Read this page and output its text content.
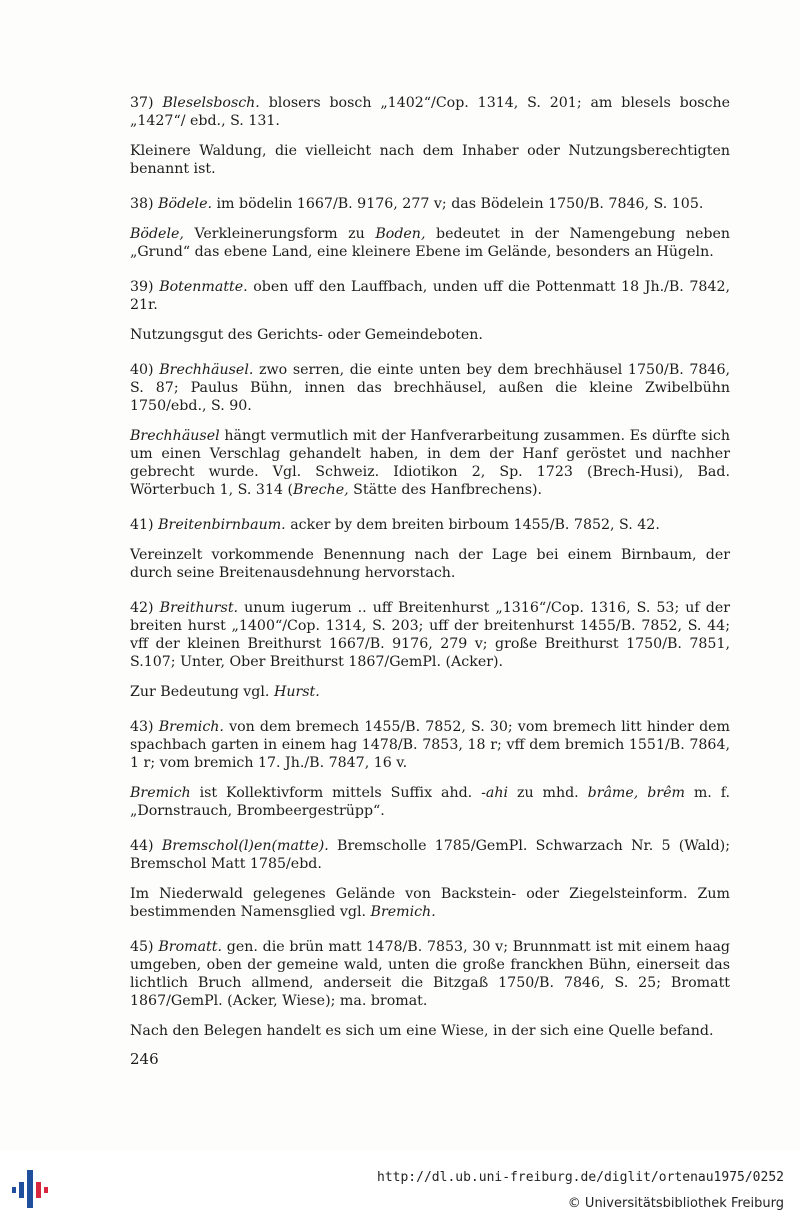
37) Bleselsbosch. blosers bosch „1402“/Cop. 1314, S. 201; am blesels bosche „1427“/ ebd., S. 131.

Kleinere Waldung, die vielleicht nach dem Inhaber oder Nutzungsberechtigten benannt ist.

38) Bödele. im bödelin 1667/B. 9176, 277 v; das Bödelein 1750/B. 7846, S. 105.

Bödele, Verkleinerungsform zu Boden, bedeutet in der Namengebung neben „Grund“ das ebene Land, eine kleinere Ebene im Gelände, besonders an Hügeln.

39) Botenmatte. oben uff den Lauffbach, unden uff die Pottenmatt 18 Jh./B. 7842, 21r.

Nutzungsgut des Gerichts- oder Gemeindeboten.

40) Brechhäusel. zwo serren, die einte unten bey dem brechhäusel 1750/B. 7846, S. 87; Paulus Bühn, innen das brechhäusel, außen die kleine Zwibelbühn 1750/ebd., S. 90.

Brechhäusel hängt vermutlich mit der Hanfverarbeitung zusammen. Es dürfte sich um einen Verschlag gehandelt haben, in dem der Hanf geröstet und nachher gebrecht wurde. Vgl. Schweiz. Idiotikon 2, Sp. 1723 (Brech-Husi), Bad. Wörterbuch 1, S. 314 (Breche, Stätte des Hanfbrechens).

41) Breitenbirnbaum. acker by dem breiten birboum 1455/B. 7852, S. 42.

Vereinzelt vorkommende Benennung nach der Lage bei einem Birnbaum, der durch seine Breitenausdehnung hervorstach.

42) Breithurst. unum iugerum .. uff Breitenhurst „1316“/Cop. 1316, S. 53; uf der breiten hurst „1400“/Cop. 1314, S. 203; uff der breitenhurst 1455/B. 7852, S. 44; vff der kleinen Breithurst 1667/B. 9176, 279 v; große Breithurst 1750/B. 7851, S.107; Unter, Ober Breithurst 1867/GemPl. (Acker).

Zur Bedeutung vgl. Hurst.

43) Bremich. von dem bremech 1455/B. 7852, S. 30; vom bremech litt hinder dem spachbach garten in einem hag 1478/B. 7853, 18 r; vff dem bremich 1551/B. 7864, 1 r; vom bremich 17. Jh./B. 7847, 16 v.

Bremich ist Kollektivform mittels Suffix ahd. -ahi zu mhd. brâme, brêm m. f. „Dornstrauch, Brombeergestrüpp“.

44) Bremschol(l)en(matte). Bremscholle 1785/GemPl. Schwarzach Nr. 5 (Wald); Bremschol Matt 1785/ebd.

Im Niederwald gelegenes Gelände von Backstein- oder Ziegelsteinform. Zum bestimmenden Namensglied vgl. Bremich.

45) Bromatt. gen. die brün matt 1478/B. 7853, 30 v; Brunnmatt ist mit einem haag umgeben, oben der gemeine wald, unten die große franckhen Bühn, einerseit das lichtlich Bruch allmend, anderseit die Bitzgaß 1750/B. 7846, S. 25; Bromatt 1867/GemPl. (Acker, Wiese); ma. bromat.

Nach den Belegen handelt es sich um eine Wiese, in der sich eine Quelle befand.

246
http://dl.ub.uni-freiburg.de/diglit/ortenau1975/0252
© Universitätsbibliothek Freiburg
